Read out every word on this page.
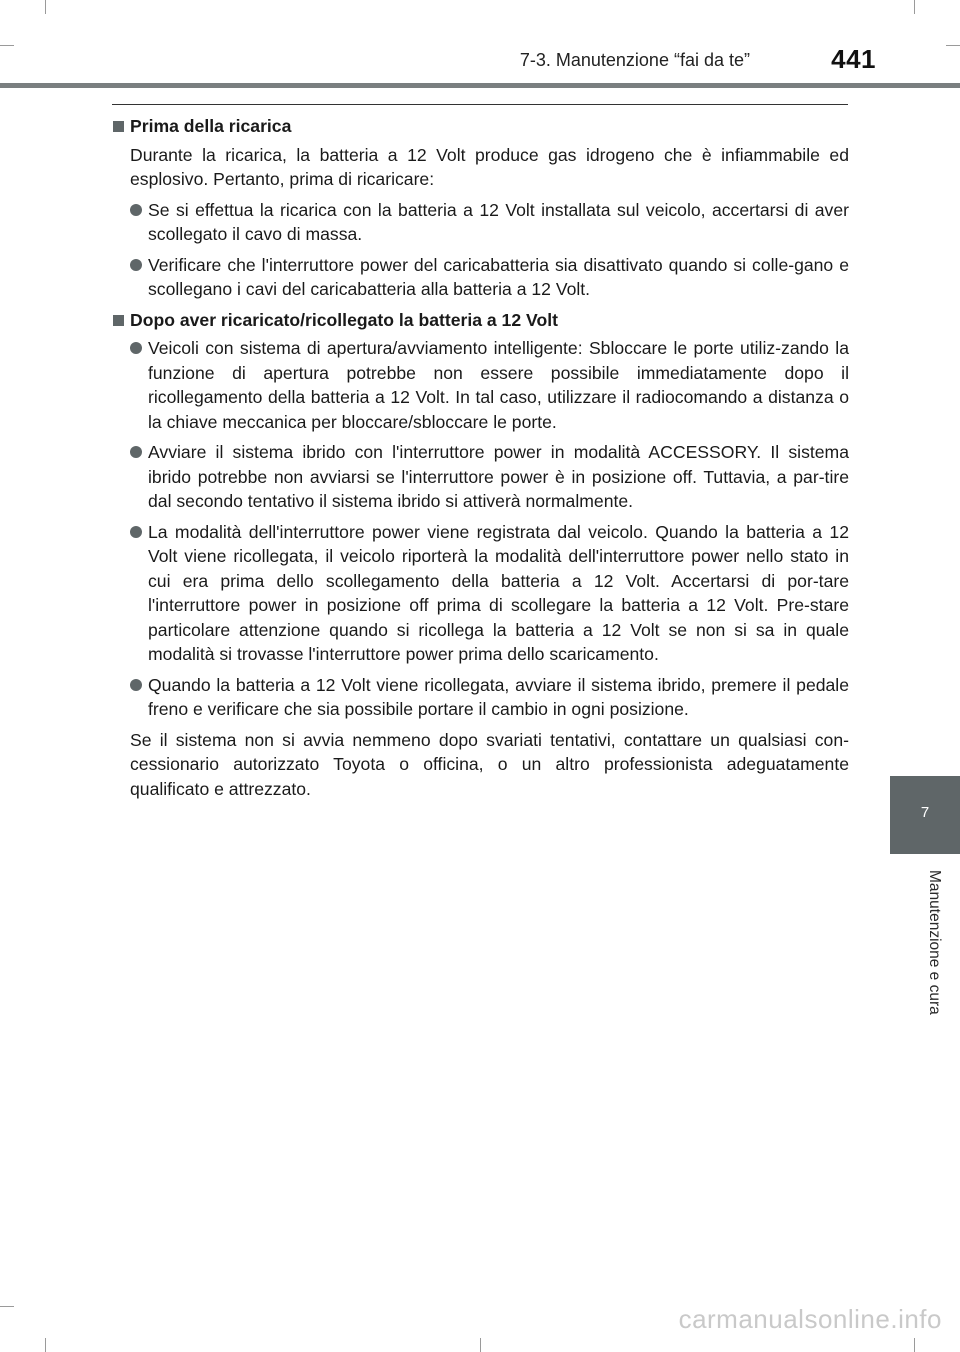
7-3. Manutenzione “fai da te”	441
Prima della ricarica

Durante la ricarica, la batteria a 12 Volt produce gas idrogeno che è infiammabile ed esplosivo. Pertanto, prima di ricaricare:

Se si effettua la ricarica con la batteria a 12 Volt installata sul veicolo, accertarsi di aver scollegato il cavo di massa.
Verificare che l'interruttore power del caricabatteria sia disattivato quando si colle-gano e scollegano i cavi del caricabatteria alla batteria a 12 Volt.
Dopo aver ricaricato/ricollegato la batteria a 12 Volt
Veicoli con sistema di apertura/avviamento intelligente: Sbloccare le porte utiliz-zando la funzione di apertura potrebbe non essere possibile immediatamente dopo il ricollegamento della batteria a 12 Volt. In tal caso, utilizzare il radiocomando a distanza o la chiave meccanica per bloccare/sbloccare le porte.
Avviare il sistema ibrido con l'interruttore power in modalità ACCESSORY. Il sistema ibrido potrebbe non avviarsi se l'interruttore power è in posizione off. Tuttavia, a par-tire dal secondo tentativo il sistema ibrido si attiverà normalmente.
La modalità dell'interruttore power viene registrata dal veicolo. Quando la batteria a 12 Volt viene ricollegata, il veicolo riporterà la modalità dell'interruttore power nello stato in cui era prima dello scollegamento della batteria a 12 Volt. Accertarsi di por-tare l'interruttore power in posizione off prima di scollegare la batteria a 12 Volt. Pre-stare particolare attenzione quando si ricollega la batteria a 12 Volt se non si sa in quale modalità si trovasse l'interruttore power prima dello scaricamento.
Quando la batteria a 12 Volt viene ricollegata, avviare il sistema ibrido, premere il pedale freno e verificare che sia possibile portare il cambio in ogni posizione.

Se il sistema non si avvia nemmeno dopo svariati tentativi, contattare un qualsiasi con-cessionario autorizzato Toyota o officina, o un altro professionista adeguatamente qualificato e attrezzato.

7
Manutenzione e cura
carmanualsonline.info
